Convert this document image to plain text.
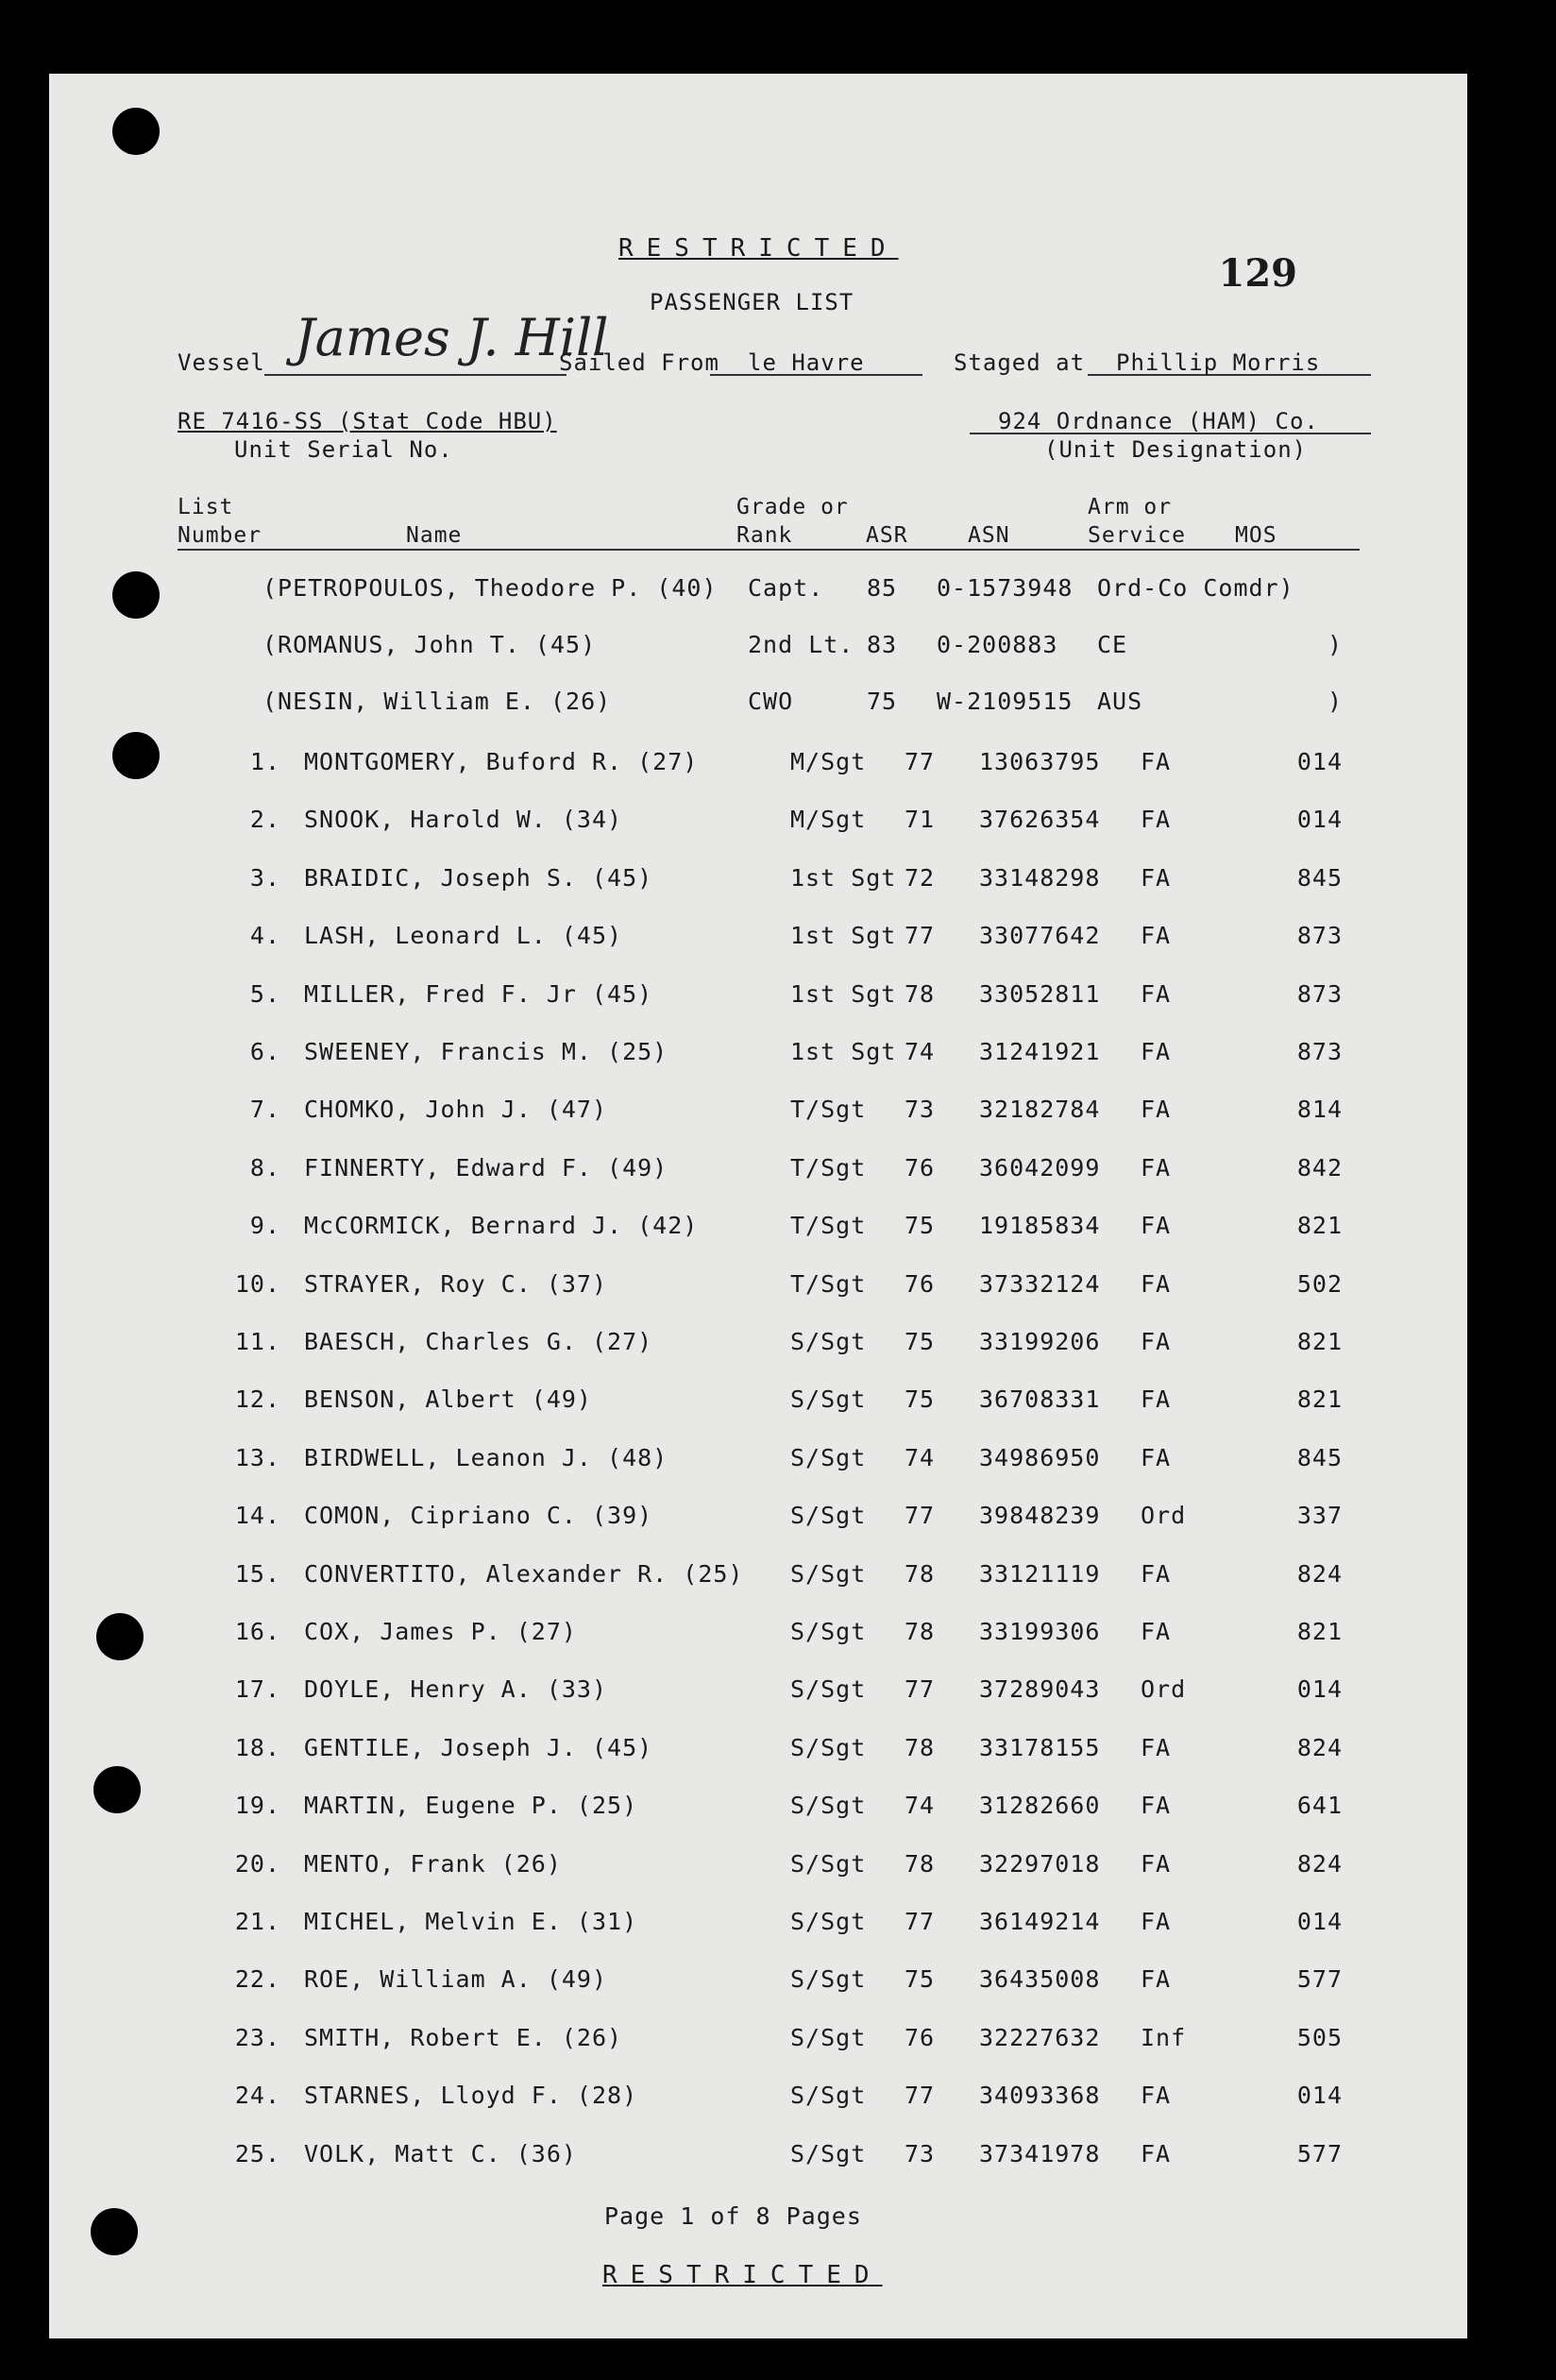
RESTRICTED
129
PASSENGER LIST
Vessel James J. Hill
Sailed From le Havre	Staged at Phillip Morris
RE 7416-SS (Stat Code HBU)
Unit Serial No.
924 Ordnance (HAM) Co.
(Unit Designation)
List
Number	Name
Grade or
Rank	ASR	ASN
Arm or
Service MOS
(PETROPOULOS, Theodore P. (40) Capt. 85 0-1573948 Ord-Co Comdr)
(ROMANUS, John T. (45)	2nd Lt. 83 0-200883 CE	)
(NESIN, William E. (26)	CWO	75 W-2109515 AUS	)
1. MONTGOMERY, Buford R. (27)	M/Sgt 77 13063795 FA	014
2. SNOOK, Harold W. (34)	M/Sgt 71 37626354 FA	014
3. BRAIDIC, Joseph S. (45)	1st Sgt 72 33148298 FA	845
4. LASH, Leonard L. (45)	1st Sgt 77 33077642 FA	873
5. MILLER, Fred F. Jr (45)	1st Sgt 78 33052811 FA	873
6. SWEENEY, Francis M. (25)	1st Sgt 74 31241921 FA	873
7. CHOMKO, John J. (47)	T/Sgt 73 32182784 FA	814
8. FINNERTY, Edward F. (49)	T/Sgt 76 36042099 FA	842
9. McCORMICK, Bernard J. (42)	T/Sgt 75 19185834 FA	821
10. STRAYER, Roy C. (37)	T/Sgt 76 37332124 FA	502
11. BAESCH, Charles G. (27)	S/Sgt 75 33199206 FA	821
12. BENSON, Albert (49)	S/Sgt 75 36708331 FA	821
13. BIRDWELL, Leanon J. (48)	S/Sgt 74 34986950 FA	845
14. COMON, Cipriano C. (39)	S/Sgt 77 39848239 Ord	337
15. CONVERTITO, Alexander R. (25) S/Sgt 78 33121119 FA	824
16. COX, James P. (27)	S/Sgt 78 33199306 FA	821
17. DOYLE, Henry A. (33)	S/Sgt 77 37289043 Ord	014
18. GENTILE, Joseph J. (45)	S/Sgt 78 33178155 FA	824
19. MARTIN, Eugene P. (25)	S/Sgt 74 31282660 FA	641
20. MENTO, Frank (26)	S/Sgt 78 32297018 FA	824
21. MICHEL, Melvin E. (31)	S/Sgt 77 36149214 FA	014
22. ROE, William A. (49)	S/Sgt 75 36435008 FA	577
23. SMITH, Robert E. (26)	S/Sgt 76 32227632 Inf	505
24. STARNES, Lloyd F. (28)	S/Sgt 77 34093368 FA	014
25. VOLK, Matt C. (36)	S/Sgt 73 37341978 FA	577
Page 1 of 8 Pages
RESTRICTED
